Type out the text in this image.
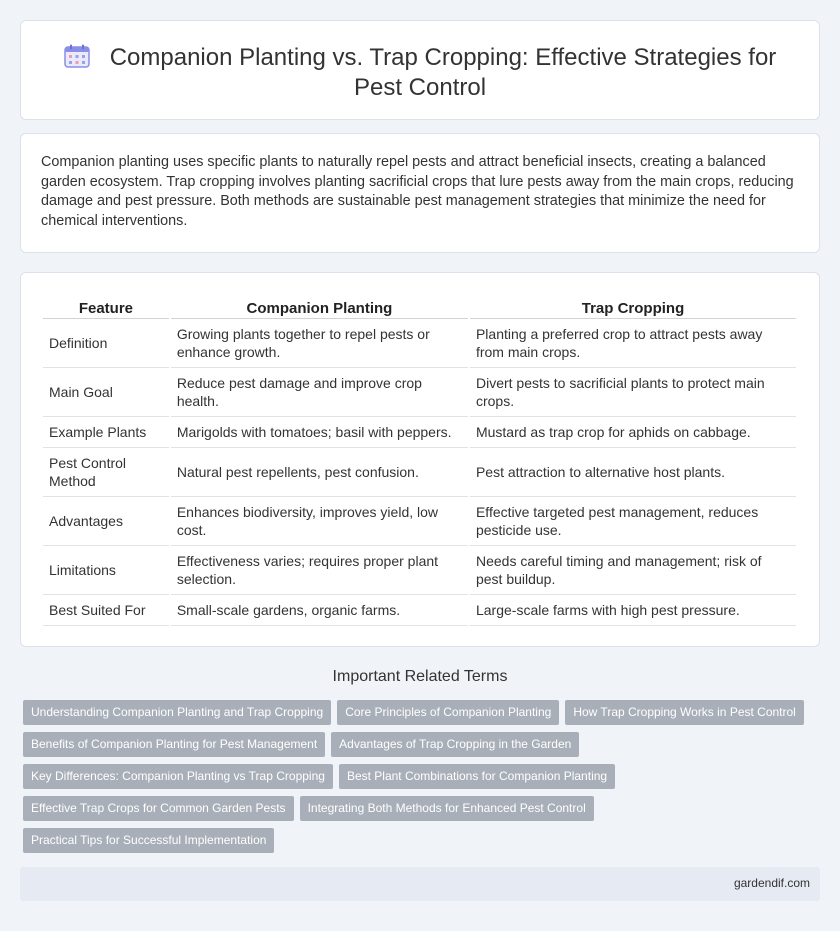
Companion Planting vs. Trap Cropping: Effective Strategies for
Pest Control

Companion planting uses specific plants to naturally repel pests and attract beneficial insects, creating a balanced garden ecosystem. Trap cropping involves planting sacrificial crops that lure pests away from the main crops, reducing damage and pest pressure. Both methods are sustainable pest management strategies that minimize the need for chemical interventions.

Feature	Companion Planting	Trap Cropping
Definition	Growing plants together to repel pests or enhance growth.	Planting a preferred crop to attract pests away from main crops.
Main Goal	Reduce pest damage and improve crop health.	Divert pests to sacrificial plants to protect main crops.
Example Plants	Marigolds with tomatoes; basil with peppers.	Mustard as trap crop for aphids on cabbage.
Pest Control Method	Natural pest repellents, pest confusion.	Pest attraction to alternative host plants.
Advantages	Enhances biodiversity, improves yield, low cost.	Effective targeted pest management, reduces pesticide use.
Limitations	Effectiveness varies; requires proper plant selection.	Needs careful timing and management; risk of pest buildup.
Best Suited For	Small-scale gardens, organic farms.	Large-scale farms with high pest pressure.
Important Related Terms
Understanding Companion Planting and Trap Cropping Core Principles of Companion Planting How Trap Cropping Works in Pest Control
Benefits of Companion Planting for Pest Management Advantages of Trap Cropping in the Garden
Key Differences: Companion Planting vs Trap Cropping Best Plant Combinations for Companion Planting
Effective Trap Crops for Common Garden Pests Integrating Both Methods for Enhanced Pest Control
Practical Tips for Successful Implementation
gardendif.com
